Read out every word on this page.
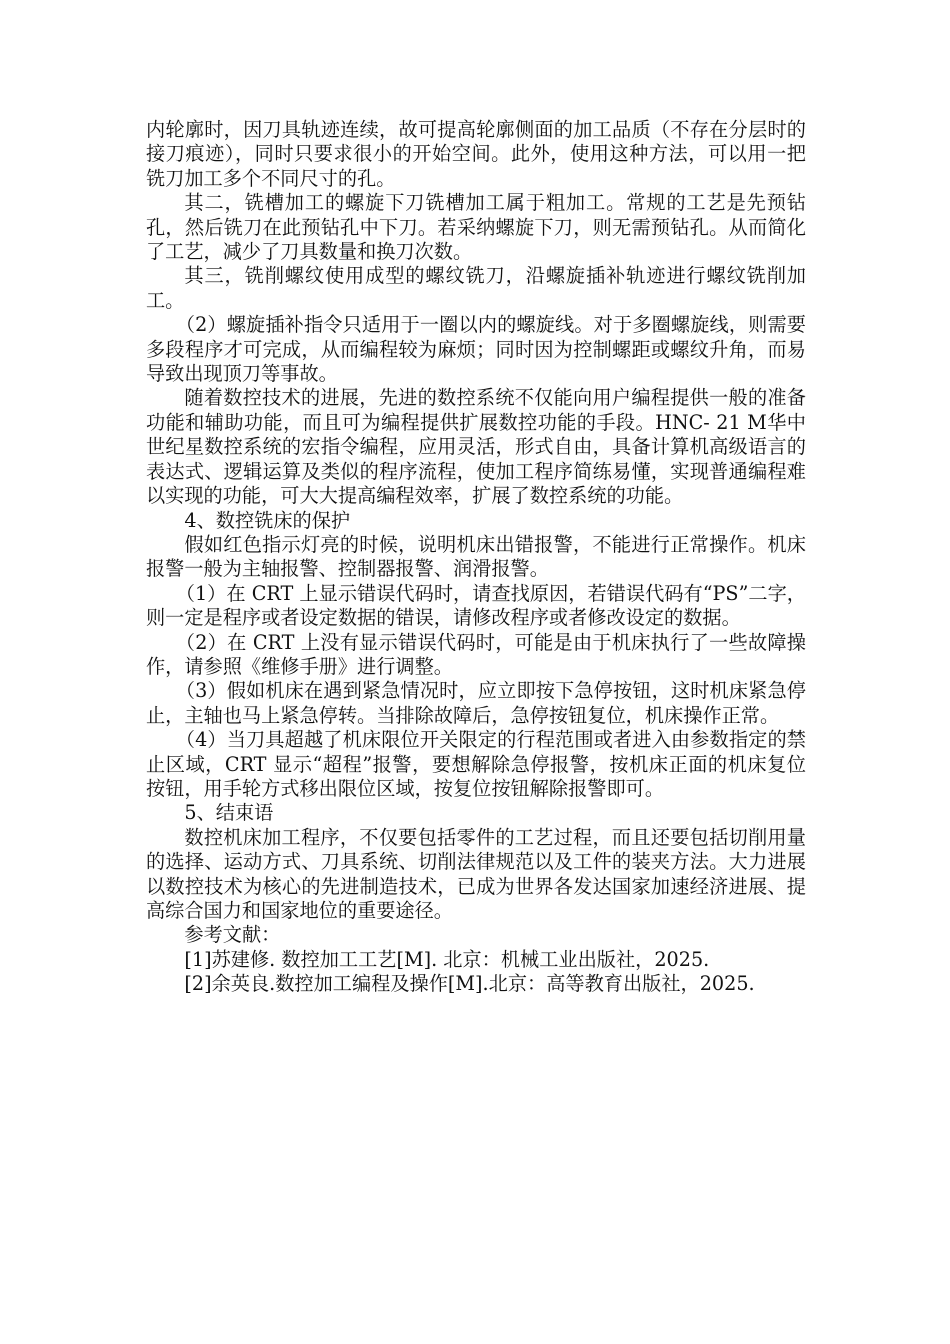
内轮廓时，因刀具轨迹连续，故可提高轮廓侧面的加工品质（不存在分层时的接刀痕迹），同时只要求很小的开始空间。此外，使用这种方法，可以用一把铣刀加工多个不同尺寸的孔。

其二，铣槽加工的螺旋下刀铣槽加工属于粗加工。常规的工艺是先预钻孔，然后铣刀在此预钻孔中下刀。若采纳螺旋下刀，则无需预钻孔。从而简化了工艺，减少了刀具数量和换刀次数。

其三，铣削螺纹使用成型的螺纹铣刀，沿螺旋插补轨迹进行螺纹铣削加工。

（2）螺旋插补指令只适用于一圈以内的螺旋线。对于多圈螺旋线，则需要多段程序才可完成，从而编程较为麻烦；同时因为控制螺距或螺纹升角，而易导致出现顶刀等事故。

随着数控技术的进展，先进的数控系统不仅能向用户编程提供一般的准备功能和辅助功能，而且可为编程提供扩展数控功能的手段。HNC- 21 M华中世纪星数控系统的宏指令编程，应用灵活，形式自由，具备计算机高级语言的表达式、逻辑运算及类似的程序流程，使加工程序简练易懂，实现普通编程难以实现的功能，可大大提高编程效率，扩展了数控系统的功能。

4、数控铣床的保护

假如红色指示灯亮的时候，说明机床出错报警，不能进行正常操作。机床报警一般为主轴报警、控制器报警、润滑报警。

（1）在 CRT 上显示错误代码时，请查找原因，若错误代码有“PS”二字，则一定是程序或者设定数据的错误，请修改程序或者修改设定的数据。

（2）在 CRT 上没有显示错误代码时，可能是由于机床执行了一些故障操作，请参照《维修手册》进行调整。

（3）假如机床在遇到紧急情况时，应立即按下急停按钮，这时机床紧急停止，主轴也马上紧急停转。当排除故障后，急停按钮复位，机床操作正常。

（4）当刀具超越了机床限位开关限定的行程范围或者进入由参数指定的禁止区域，CRT 显示“超程”报警，要想解除急停报警，按机床正面的机床复位按钮，用手轮方式移出限位区域，按复位按钮解除报警即可。

5、结束语

数控机床加工程序，不仅要包括零件的工艺过程，而且还要包括切削用量的选择、运动方式、刀具系统、切削法律规范以及工件的装夹方法。大力进展以数控技术为核心的先进制造技术，已成为世界各发达国家加速经济进展、提高综合国力和国家地位的重要途径。

参考文献：

[1]苏建修. 数控加工工艺[M]. 北京：机械工业出版社，2025.

[2]余英良.数控加工编程及操作[M].北京：高等教育出版社，2025.
